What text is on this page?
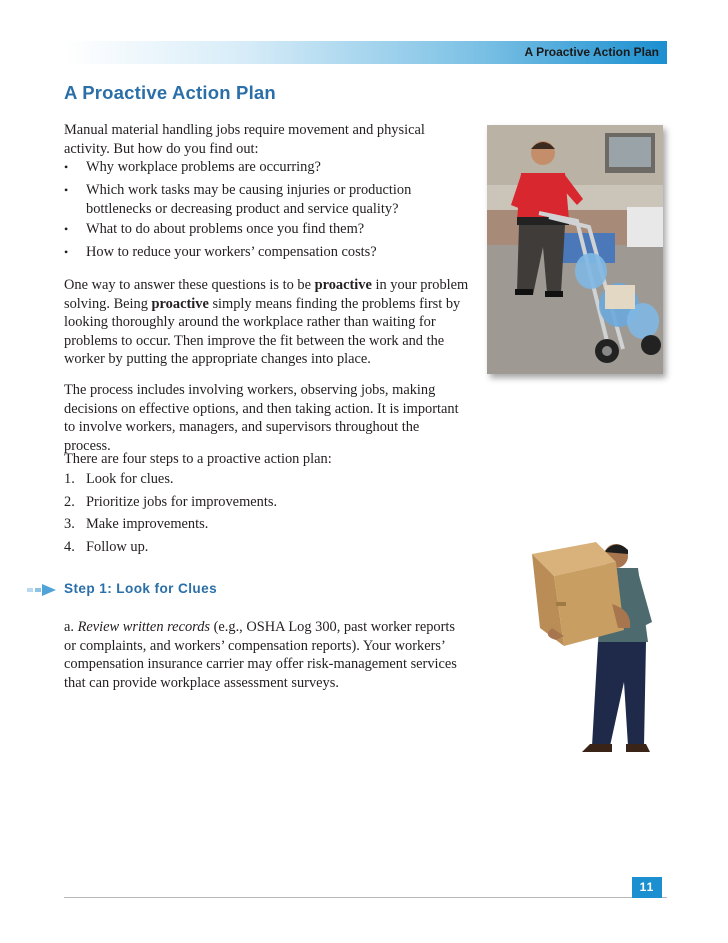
A Proactive Action Plan
A Proactive Action Plan

Manual material handling jobs require movement and physical activity. But how do you find out:

• Why workplace problems are occurring?
• Which work tasks may be causing injuries or production bottlenecks or decreasing product and service quality?
• What to do about problems once you find them?
• How to reduce your workers’ compensation costs?

One way to answer these questions is to be proactive in your problem solving. Being proactive simply means finding the problems first by looking thoroughly around the workplace rather than waiting for problems to occur. Then improve the fit between the work and the worker by putting the appropriate changes into place.

The process includes involving workers, observing jobs, making decisions on effective options, and then taking action. It is important to involve workers, managers, and supervisors throughout the process.

There are four steps to a proactive action plan:

1. Look for clues.
2. Prioritize jobs for improvements.
3. Make improvements.
4. Follow up.
Step 1: Look for Clues

a. Review written records (e.g., OSHA Log 300, past worker reports or complaints, and workers’ compensation reports). Your workers’ compensation insurance carrier may offer risk-management services that can provide workplace assessment surveys.

11
